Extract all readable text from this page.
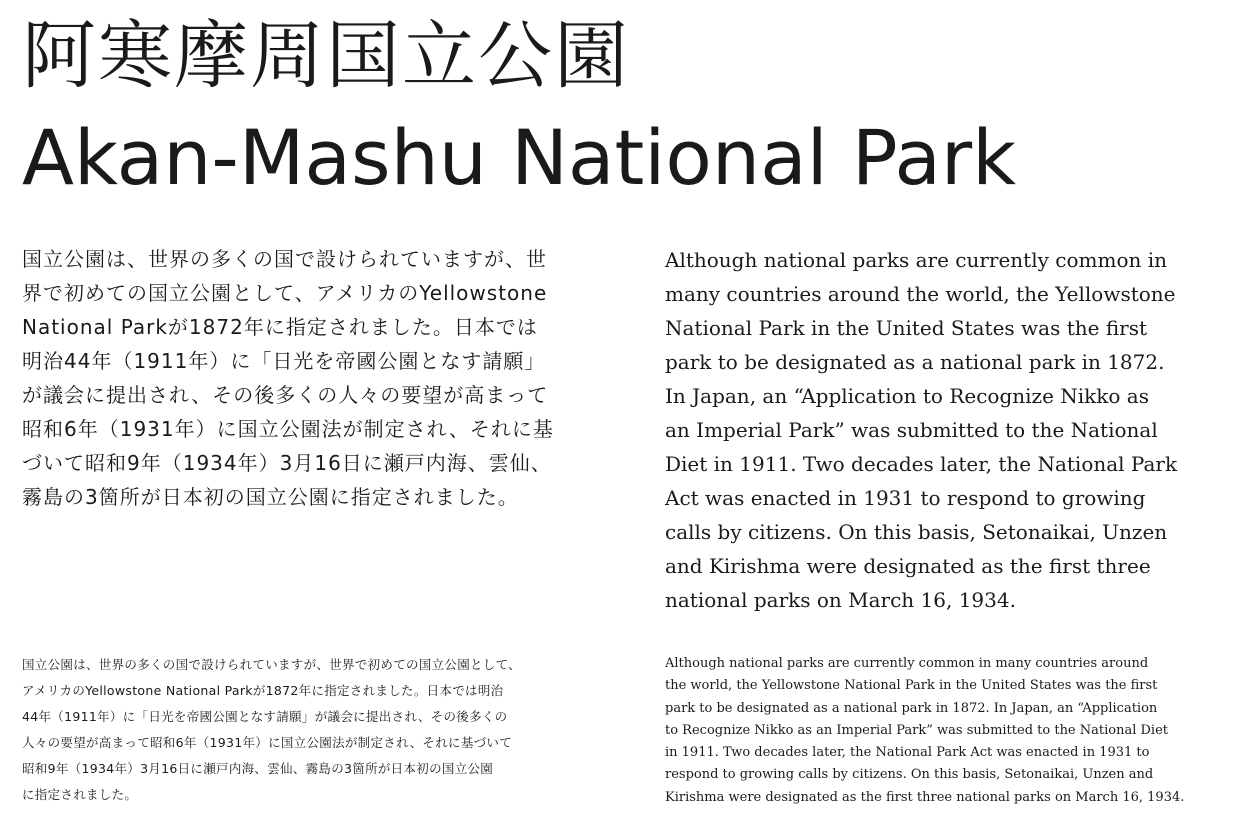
阿寒摩周国立公園
Akan-Mashu National Park

国立公園は、世界の多くの国で設けられていますが、世
界で初めての国立公園として、アメリカのYellowstone
National Parkが1872年に指定されました。日本では
明治44年（1911年）に「日光を帝國公園となす請願」
が議会に提出され、その後多くの人々の要望が高まって
昭和6年（1931年）に国立公園法が制定され、それに基
づいて昭和9年（1934年）3月16日に瀬戸内海、雲仙、
霧島の3箇所が日本初の国立公園に指定されました。

Although national parks are currently common in
many countries around the world, the Yellowstone
National Park in the United States was the first
park to be designated as a national park in 1872.
In Japan, an “Application to Recognize Nikko as
an Imperial Park” was submitted to the National
Diet in 1911. Two decades later, the National Park
Act was enacted in 1931 to respond to growing
calls by citizens. On this basis, Setonaikai, Unzen
and Kirishma were designated as the first three
national parks on March 16, 1934.

国立公園は、世界の多くの国で設けられていますが、世界で初めての国立公園として、
アメリカのYellowstone National Parkが1872年に指定されました。日本では明治
44年（1911年）に「日光を帝國公園となす請願」が議会に提出され、その後多くの
人々の要望が高まって昭和6年（1931年）に国立公園法が制定され、それに基づいて
昭和9年（1934年）3月16日に瀬戸内海、雲仙、霧島の3箇所が日本初の国立公園
に指定されました。

Although national parks are currently common in many countries around
the world, the Yellowstone National Park in the United States was the first
park to be designated as a national park in 1872. In Japan, an “Application
to Recognize Nikko as an Imperial Park” was submitted to the National Diet
in 1911. Two decades later, the National Park Act was enacted in 1931 to
respond to growing calls by citizens. On this basis, Setonaikai, Unzen and
Kirishma were designated as the first three national parks on March 16, 1934.
